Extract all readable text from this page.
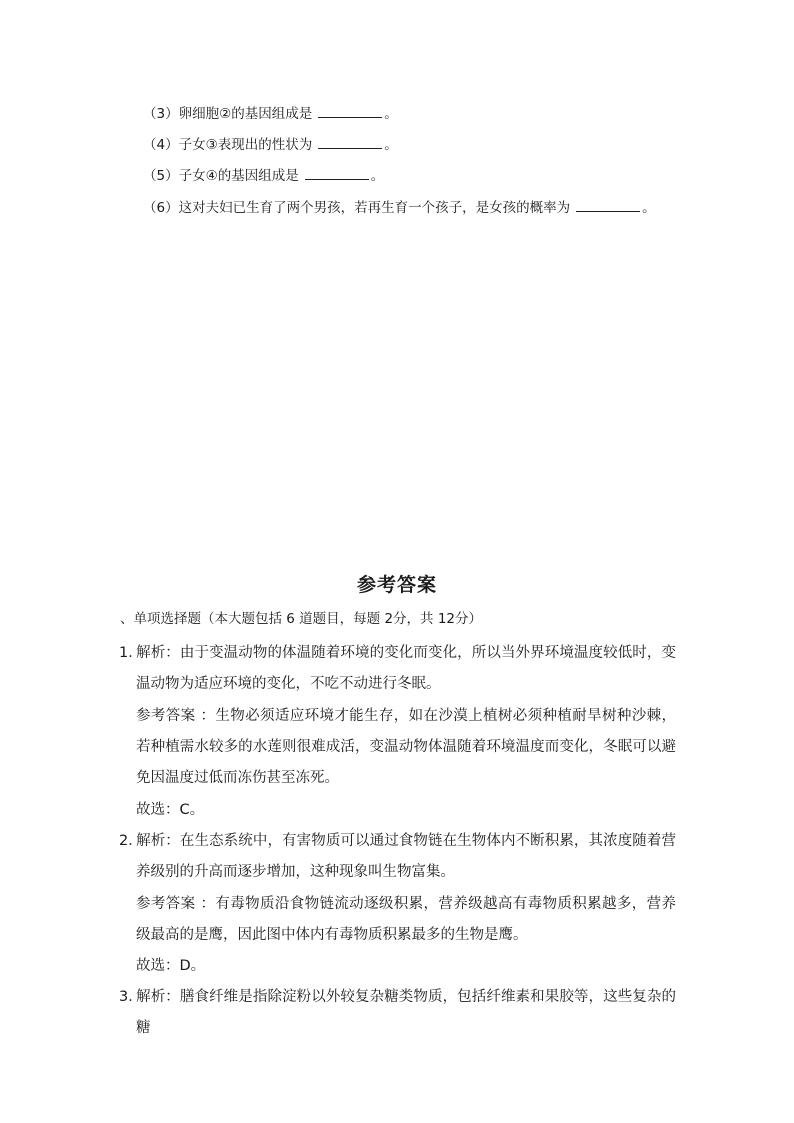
（3）卵细胞②的基因组成是	。
（4）子女③表现出的性状为	。
（5）子女④的基因组成是	。
（6）这对夫妇已生育了两个男孩，若再生育一个孩子，是女孩的概率为	。
参考答案
、单项选择题（本大题包括 6 道题目，每题 2分，共 12分）
1．解析：由于变温动物的体温随着环境的变化而变化，所以当外界环境温度较低时，变温动物为适应环境的变化，不吃不动进行冬眠。
参考答案 ：生物必须适应环境才能生存，如在沙漠上植树必须种植耐旱树种沙棘，若种植需水较多的水莲则很难成活，变温动物体温随着环境温度而变化，冬眠可以避免因温度过低而冻伤甚至冻死。
故选：C。
2．解析：在生态系统中，有害物质可以通过食物链在生物体内不断积累，其浓度随着营养级别的升高而逐步增加，这种现象叫生物富集。
参考答案 ：有毒物质沿食物链流动逐级积累，营养级越高有毒物质积累越多，营养级最高的是鹰，因此图中体内有毒物质积累最多的生物是鹰。
故选：D。
3．解析：膳食纤维是指除淀粉以外较复杂糖类物质，包括纤维素和果胶等，这些复杂的糖
